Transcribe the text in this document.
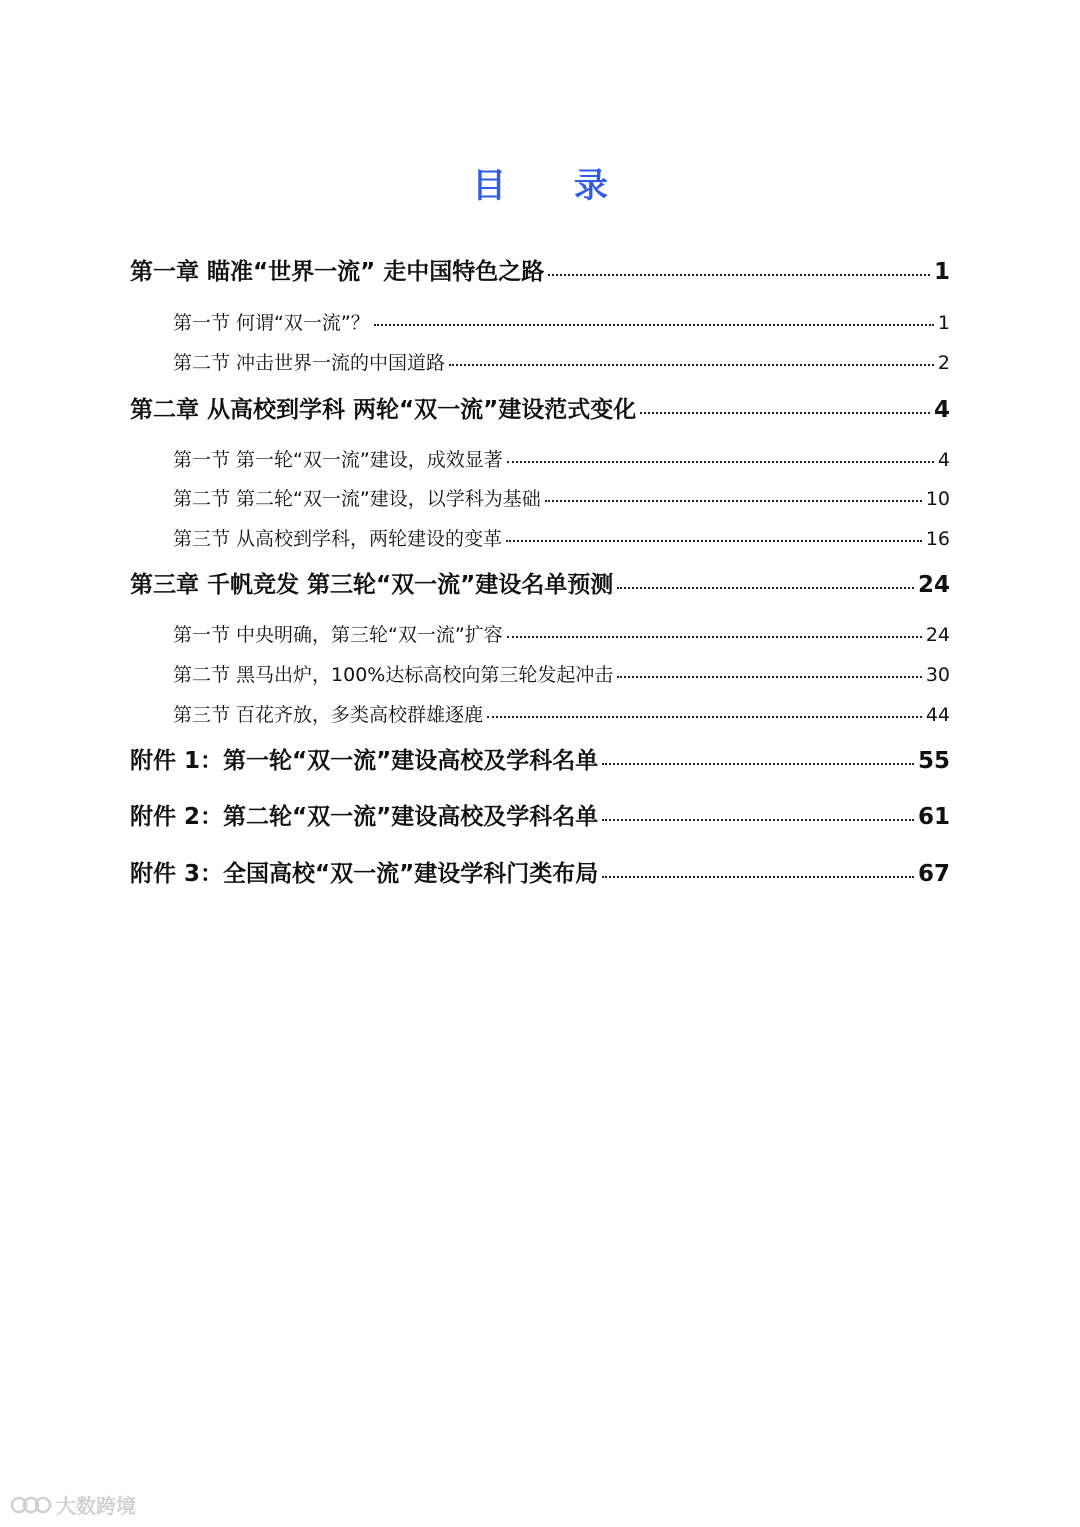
目 录
第一章 瞄准“世界一流” 走中国特色之路	1
第一节 何谓“双一流”？	1
第二节 冲击世界一流的中国道路	2
第二章 从高校到学科 两轮“双一流”建设范式变化	4
第一节 第一轮“双一流”建设，成效显著	4
第二节 第二轮“双一流”建设，以学科为基础	10
第三节 从高校到学科，两轮建设的变革	16
第三章 千帆竞发 第三轮“双一流”建设名单预测	24
第一节 中央明确，第三轮“双一流”扩容	24
第二节 黑马出炉，100%达标高校向第三轮发起冲击	30
第三节 百花齐放，多类高校群雄逐鹿	44
附件 1：第一轮“双一流”建设高校及学科名单	55
附件 2：第二轮“双一流”建设高校及学科名单	61
附件 3：全国高校“双一流”建设学科门类布局	67
大数跨境
